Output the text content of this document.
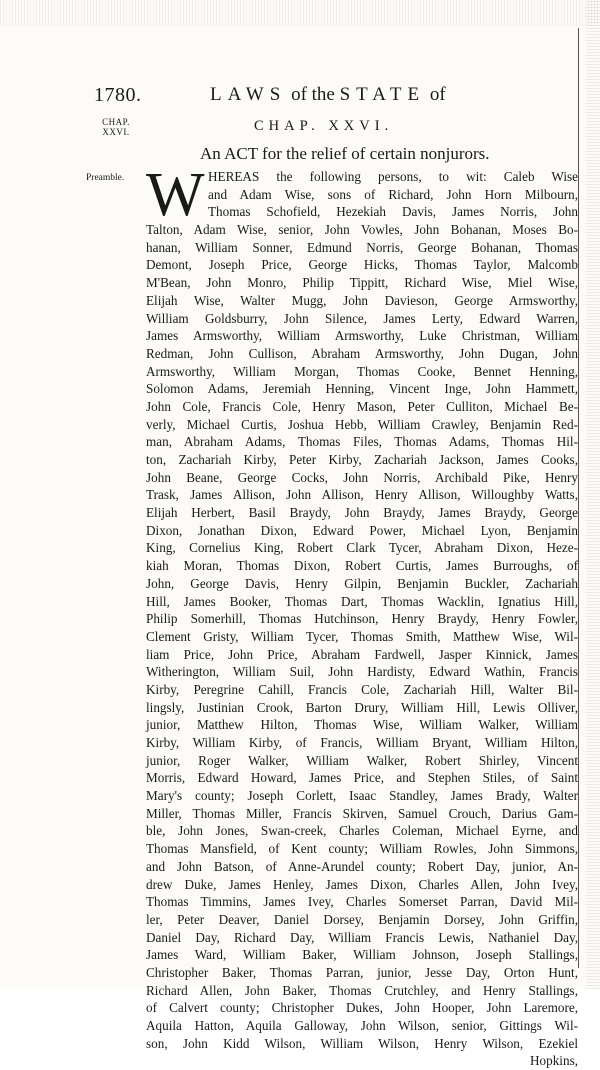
1780.	LAWS of the STATE of
CHAP.
XXVI.
Preamble.
CHAP. XXVI.
An ACT for the relief of certain nonjurors.
W HEREAS the following persons, to wit: Caleb Wise
and Adam Wise, sons of Richard, John Horn Milbourn,
Thomas Schofield, Hezekiah Davis, James Norris, John
Talton, Adam Wise, senior, John Vowles, John Bohanan, Moses Bo-
hanan, William Sonner, Edmund Norris, George Bohanan, Thomas
Demont, Joseph Price, George Hicks, Thomas Taylor, Malcomb
M'Bean, John Monro, Philip Tippitt, Richard Wise, Miel Wise,
Elijah Wise, Walter Mugg, John Davieson, George Armsworthy,
William Goldsburry, John Silence, James Lerty, Edward Warren,
James Armsworthy, William Armsworthy, Luke Christman, William
Redman, John Cullison, Abraham Armsworthy, John Dugan, John
Armsworthy, William Morgan, Thomas Cooke, Bennet Henning,
Solomon Adams, Jeremiah Henning, Vincent Inge, John Hammett,
John Cole, Francis Cole, Henry Mason, Peter Culliton, Michael Be-
verly, Michael Curtis, Joshua Hebb, William Crawley, Benjamin Red-
man, Abraham Adams, Thomas Files, Thomas Adams, Thomas Hil-
ton, Zachariah Kirby, Peter Kirby, Zachariah Jackson, James Cooks,
John Beane, George Cocks, John Norris, Archibald Pike, Henry
Trask, James Allison, John Allison, Henry Allison, Willoughby Watts,
Elijah Herbert, Basil Braydy, John Braydy, James Braydy, George
Dixon, Jonathan Dixon, Edward Power, Michael Lyon, Benjamin
King, Cornelius King, Robert Clark Tycer, Abraham Dixon, Heze-
kiah Moran, Thomas Dixon, Robert Curtis, James Burroughs, of
John, George Davis, Henry Gilpin, Benjamin Buckler, Zachariah
Hill, James Booker, Thomas Dart, Thomas Wacklin, Ignatius Hill,
Philip Somerhill, Thomas Hutchinson, Henry Braydy, Henry Fowler,
Clement Gristy, William Tycer, Thomas Smith, Matthew Wise, Wil-
liam Price, John Price, Abraham Fardwell, Jasper Kinnick, James
Witherington, William Suil, John Hardisty, Edward Wathin, Francis
Kirby, Peregrine Cahill, Francis Cole, Zachariah Hill, Walter Bil-
lingsly, Justinian Crook, Barton Drury, William Hill, Lewis Olliver,
junior, Matthew Hilton, Thomas Wise, William Walker, William
Kirby, William Kirby, of Francis, William Bryant, William Hilton,
junior, Roger Walker, William Walker, Robert Shirley, Vincent
Morris, Edward Howard, James Price, and Stephen Stiles, of Saint
Mary's county; Joseph Corlett, Isaac Standley, James Brady, Walter
Miller, Thomas Miller, Francis Skirven, Samuel Crouch, Darius Gam-
ble, John Jones, Swan-creek, Charles Coleman, Michael Eyrne, and
Thomas Mansfield, of Kent county; William Rowles, John Simmons,
and John Batson, of Anne-Arundel county; Robert Day, junior, An-
drew Duke, James Henley, James Dixon, Charles Allen, John Ivey,
Thomas Timmins, James Ivey, Charles Somerset Parran, David Mil-
ler, Peter Deaver, Daniel Dorsey, Benjamin Dorsey, John Griffin,
Daniel Day, Richard Day, William Francis Lewis, Nathaniel Day,
James Ward, William Baker, William Johnson, Joseph Stallings,
Christopher Baker, Thomas Parran, junior, Jesse Day, Orton Hunt,
Richard Allen, John Baker, Thomas Crutchley, and Henry Stallings,
of Calvert county; Christopher Dukes, John Hooper, John Laremore,
Aquila Hatton, Aquila Galloway, John Wilson, senior, Gittings Wil-
son, John Kidd Wilson, William Wilson, Henry Wilson, Ezekiel
Hopkins,
